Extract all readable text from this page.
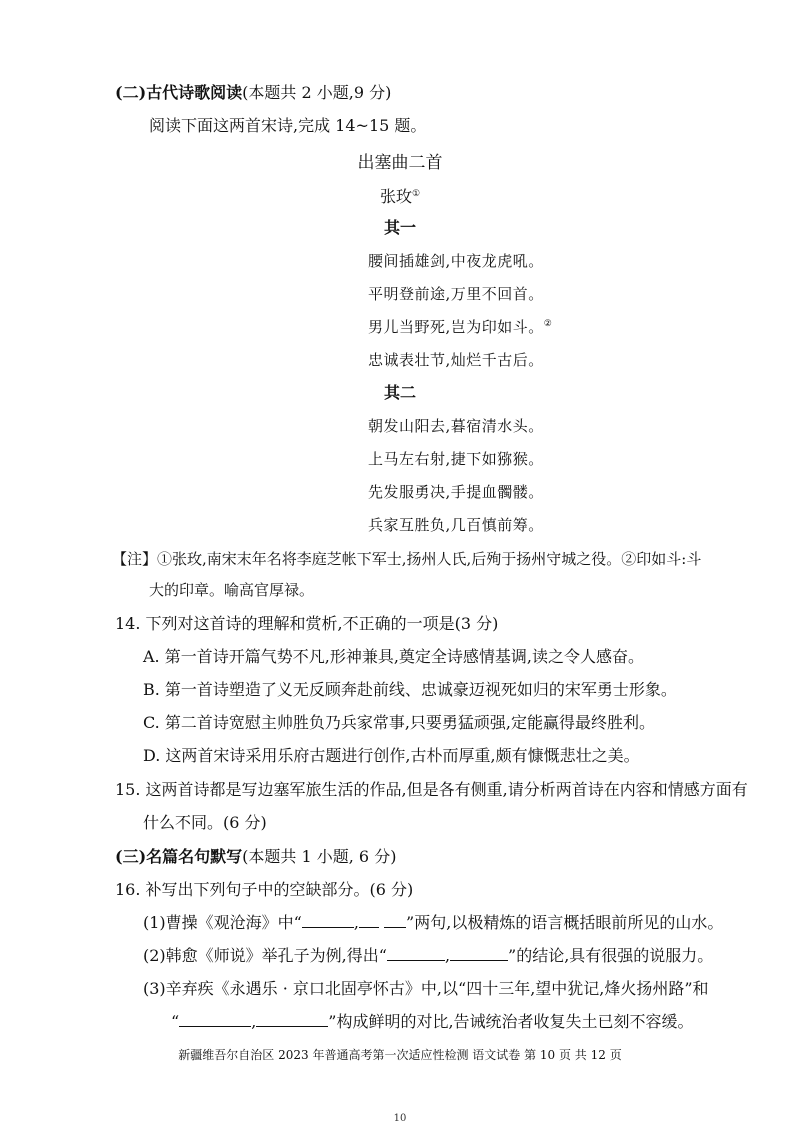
(二)古代诗歌阅读(本题共 2 小题,9 分)
阅读下面这两首宋诗,完成 14~15 题。
出塞曲二首
张玫①
其一
腰间插雄剑,中夜龙虎吼。
平明登前途,万里不回首。
男儿当野死,岂为印如斗。②
忠诚表壮节,灿烂千古后。
其二
朝发山阳去,暮宿清水头。
上马左右射,捷下如猕猴。
先发服勇决,手提血髑髅。
兵家互胜负,几百慎前筹。
【注】①张玫,南宋末年名将李庭芝帐下军士,扬州人氏,后殉于扬州守城之役。②印如斗:斗
大的印章。喻高官厚禄。
14. 下列对这首诗的理解和赏析,不正确的一项是(3 分)
A. 第一首诗开篇气势不凡,形神兼具,奠定全诗感情基调,读之令人感奋。
B. 第一首诗塑造了义无反顾奔赴前线、忠诚豪迈视死如归的宋军勇士形象。
C. 第二首诗宽慰主帅胜负乃兵家常事,只要勇猛顽强,定能赢得最终胜利。
D. 这两首宋诗采用乐府古题进行创作,古朴而厚重,颇有慷慨悲壮之美。
15. 这两首诗都是写边塞军旅生活的作品,但是各有侧重,请分析两首诗在内容和情感方面有
什么不同。(6 分)
(三)名篇名句默写(本题共 1 小题, 6 分)
16. 补写出下列句子中的空缺部分。(6 分)
(1)曹操《观沧海》中“	,	”两句,以极精炼的语言概括眼前所见的山水。
(2)韩愈《师说》举孔子为例,得出“	,	”的结论,具有很强的说服力。
(3)辛弃疾《永遇乐 · 京口北固亭怀古》中,以“四十三年,望中犹记,烽火扬州路”和
“	,	”构成鲜明的对比,告诫统治者收复失土已刻不容缓。
新疆维吾尔自治区 2023 年普通高考第一次适应性检测 语文试卷 第 10 页 共 12 页
10
